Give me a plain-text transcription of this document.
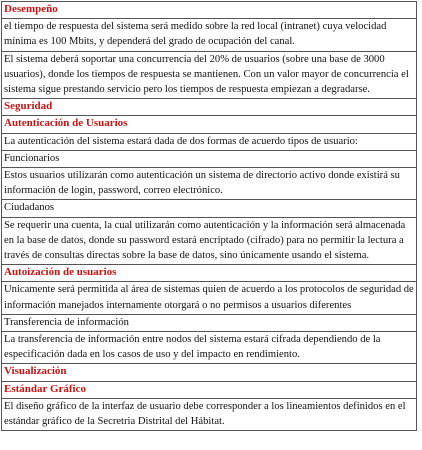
Desempeño
el tiempo de respuesta del sistema será medido sobre la red local (intranet) cuya velocidad mínima es 100 Mbits, y dependerá del grado de ocupación del canal.
El sistema deberá soportar una concurrencia del 20% de usuarios (sobre una base de 3000 usuarios), donde los tiempos de respuesta se mantienen. Con un valor mayor de concurrencia el sistema sigue prestando servicio pero los tiempos de respuesta empiezan a degradarse.
Seguridad
Autenticación de Usuarios
La autenticación del sistema estará dada de dos formas de acuerdo tipos de usuario:
Funcionarios
Estos usuarios utilizarán como autenticación un sistema de directorio activo donde existirá su información de login, password, correo electrónico.
Ciudadanos
Se requerir una cuenta, la cual utilizarán como autenticación y la información será almacenada en la base de datos, donde su password estará encriptado (cifrado) para no permitir la lectura a través de consultas directas sobre la base de datos, sino únicamente usando el sistema.
Autoización de usuarios
Unicamente será permitida al área de sistemas quien de acuerdo a los protocolos de seguridad de información manejados internamente otorgará o no permisos a usuarios diferentes
Transferencia de información
La transferencia de información entre nodos del sistema estará cifrada dependiendo de la especificación dada en los casos de uso y del impacto en rendimiento.
Visualización
Estándar Gráfico
El diseño gráfico de la interfaz de usuario debe corresponder a los lineamientos definidos en el estándar gráfico de la Secretria Distrital del Hábitat.
